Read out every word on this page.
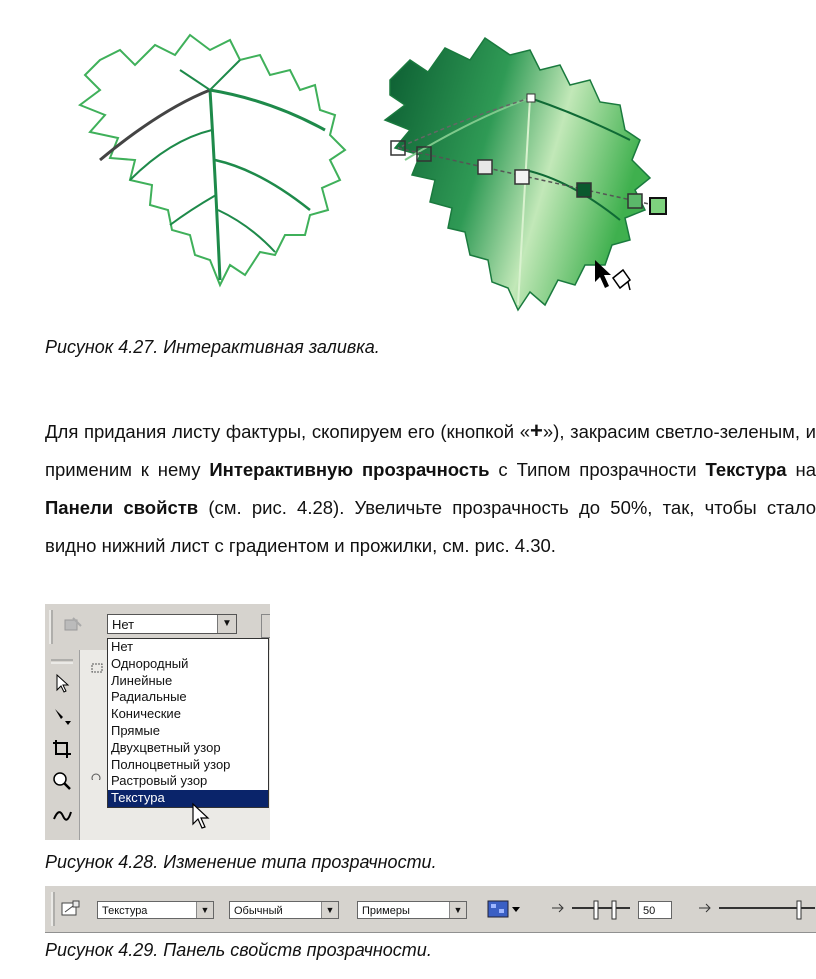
Рисунок 4.27. Интерактивная заливка.
Для придания листу фактуры, скопируем его (кнопкой «+»), закрасим светло-зеленым, и применим к нему Интерактивную прозрачность с Типом прозрачности Текстура на Панели свойств (см. рис. 4.28). Увеличьте прозрачность до 50%, так, чтобы стало видно нижний лист с градиентом и прожилки, см. рис. 4.30.
Нет	▼
Нет
Однородный
Линейные
Радиальные
Конические
Прямые
Двухцветный узор
Полноцветный узор
Растровый узор
Текстура
Рисунок 4.28. Изменение типа прозрачности.
Текстура	▼	Обычный	▼	Примеры	▼	50
Рисунок 4.29. Панель свойств прозрачности.
